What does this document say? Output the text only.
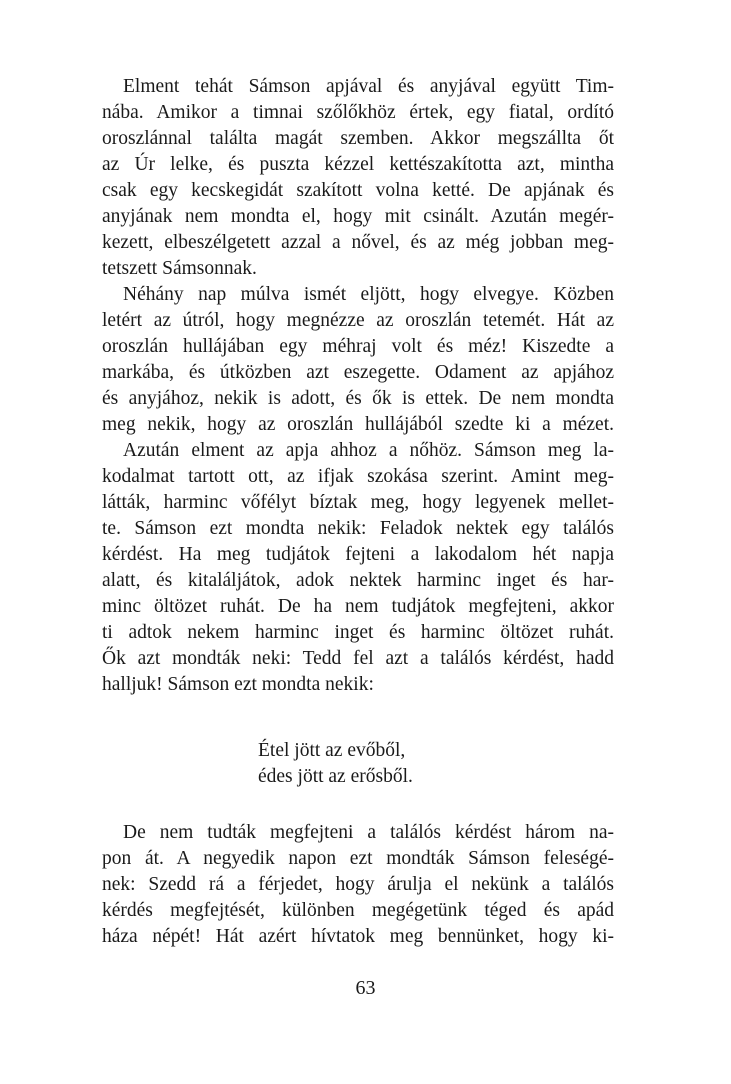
Elment tehát Sámson apjával és anyjával együtt Tim-
nába. Amikor a timnai szőlőkhöz értek, egy fiatal, ordító
oroszlánnal találta magát szemben. Akkor megszállta őt
az Úr lelke, és puszta kézzel kettészakította azt, mintha
csak egy kecskegidát szakított volna ketté. De apjának és
anyjának nem mondta el, hogy mit csinált. Azután megér-
kezett, elbeszélgetett azzal a nővel, és az még jobban meg-
tetszett Sámsonnak.
Néhány nap múlva ismét eljött, hogy elvegye. Közben
letért az útról, hogy megnézze az oroszlán tetemét. Hát az
oroszlán hullájában egy méhraj volt és méz! Kiszedte a
markába, és útközben azt eszegette. Odament az apjához
és anyjához, nekik is adott, és ők is ettek. De nem mondta
meg nekik, hogy az oroszlán hullájából szedte ki a mézet.
Azután elment az apja ahhoz a nőhöz. Sámson meg la-
kodalmat tartott ott, az ifjak szokása szerint. Amint meg-
látták, harminc vőfélyt bíztak meg, hogy legyenek mellet-
te. Sámson ezt mondta nekik: Feladok nektek egy találós
kérdést. Ha meg tudjátok fejteni a lakodalom hét napja
alatt, és kitaláljátok, adok nektek harminc inget és har-
minc öltözet ruhát. De ha nem tudjátok megfejteni, akkor
ti adtok nekem harminc inget és harminc öltözet ruhát.
Ők azt mondták neki: Tedd fel azt a találós kérdést, hadd
halljuk! Sámson ezt mondta nekik:
Étel jött az evőből,
édes jött az erősből.
De nem tudták megfejteni a találós kérdést három na-
pon át. A negyedik napon ezt mondták Sámson feleségé-
nek: Szedd rá a férjedet, hogy árulja el nekünk a találós
kérdés megfejtését, különben megégetünk téged és apád
háza népét! Hát azért hívtatok meg bennünket, hogy ki-
63
